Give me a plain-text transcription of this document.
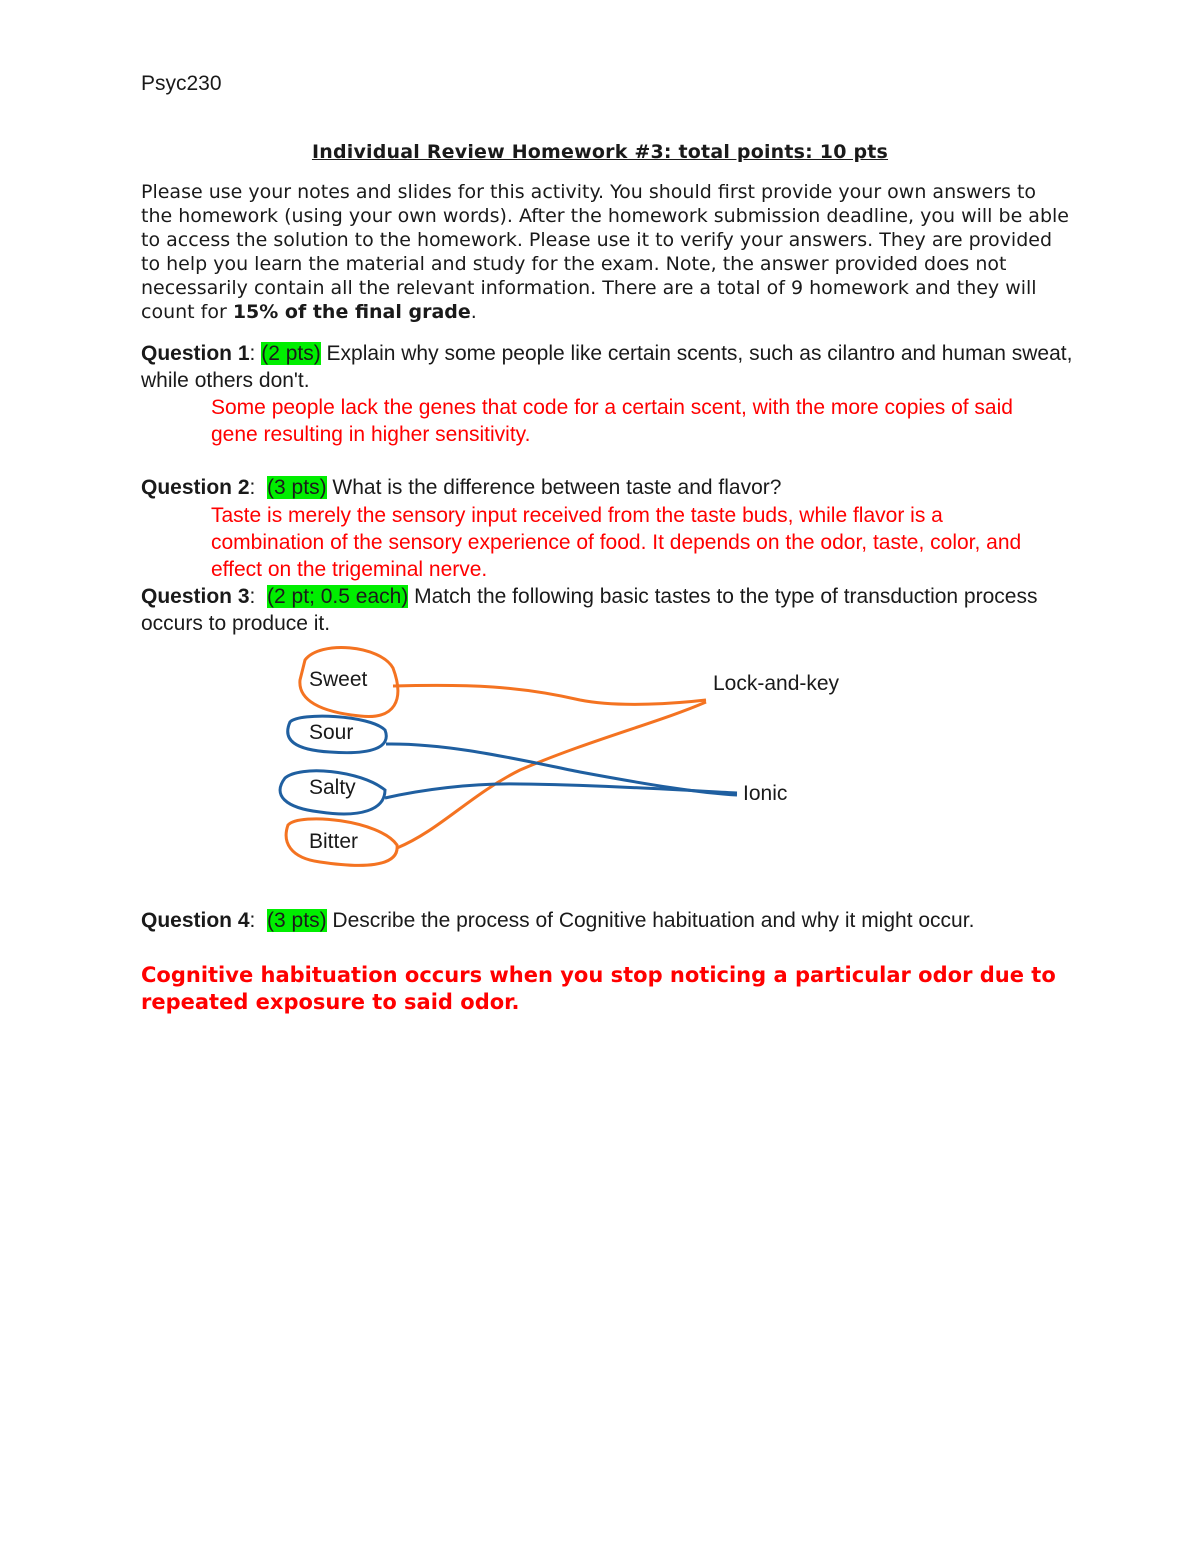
Psyc230
Individual Review Homework #3: total points: 10 pts

Please use your notes and slides for this activity. You should first provide your own answers to the homework (using your own words). After the homework submission deadline, you will be able to access the solution to the homework. Please use it to verify your answers. They are provided to help you learn the material and study for the exam. Note, the answer provided does not necessarily contain all the relevant information. There are a total of 9 homework and they will count for 15% of the final grade.

Question 1: (2 pts) Explain why some people like certain scents, such as cilantro and human sweat, while others don't.

Some people lack the genes that code for a certain scent, with the more copies of said gene resulting in higher sensitivity.

Question 2:  (3 pts) What is the difference between taste and flavor?

Taste is merely the sensory input received from the taste buds, while flavor is a combination of the sensory experience of food. It depends on the odor, taste, color, and effect on the trigeminal nerve.

Question 3:  (2 pt; 0.5 each) Match the following basic tastes to the type of transduction process occurs to produce it.

Sweet
Sour
Salty
Bitter
Lock-and-key
Ionic

Question 4:  (3 pts) Describe the process of Cognitive habituation and why it might occur.

Cognitive habituation occurs when you stop noticing a particular odor due to repeated exposure to said odor.
